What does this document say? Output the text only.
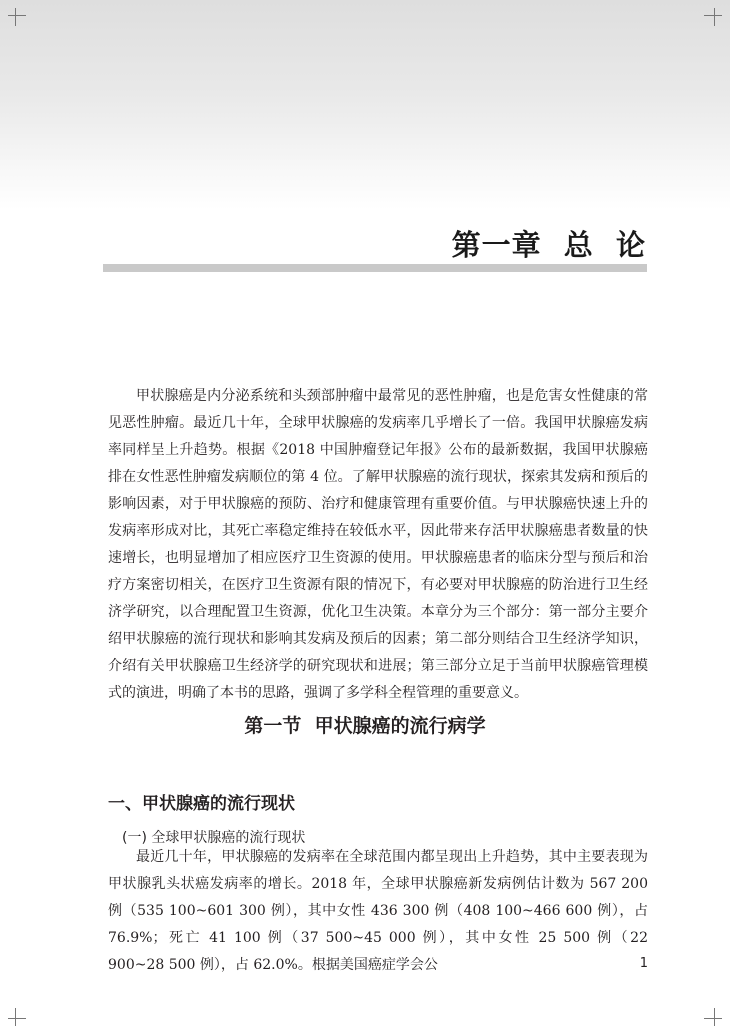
第一章  总  论

甲状腺癌是内分泌系统和头颈部肿瘤中最常见的恶性肿瘤，也是危害女性健康的常见恶性肿瘤。最近几十年，全球甲状腺癌的发病率几乎增长了一倍。我国甲状腺癌发病率同样呈上升趋势。根据《2018 中国肿瘤登记年报》公布的最新数据，我国甲状腺癌排在女性恶性肿瘤发病顺位的第 4 位。了解甲状腺癌的流行现状，探索其发病和预后的影响因素，对于甲状腺癌的预防、治疗和健康管理有重要价值。与甲状腺癌快速上升的发病率形成对比，其死亡率稳定维持在较低水平，因此带来存活甲状腺癌患者数量的快速增长，也明显增加了相应医疗卫生资源的使用。甲状腺癌患者的临床分型与预后和治疗方案密切相关，在医疗卫生资源有限的情况下，有必要对甲状腺癌的防治进行卫生经济学研究，以合理配置卫生资源，优化卫生决策。本章分为三个部分：第一部分主要介绍甲状腺癌的流行现状和影响其发病及预后的因素；第二部分则结合卫生经济学知识，介绍有关甲状腺癌卫生经济学的研究现状和进展；第三部分立足于当前甲状腺癌管理模式的演进，明确了本书的思路，强调了多学科全程管理的重要意义。

第一节  甲状腺癌的流行病学
一、甲状腺癌的流行现状
(一) 全球甲状腺癌的流行现状

最近几十年，甲状腺癌的发病率在全球范围内都呈现出上升趋势，其中主要表现为甲状腺乳头状癌发病率的增长。2018 年，全球甲状腺癌新发病例估计数为 567 200 例（535 100~601 300 例），其中女性 436 300 例（408 100~466 600 例），占 76.9%；死亡 41 100 例（37 500~45 000 例），其中女性 25 500 例（22 900~28 500 例），占 62.0%。根据美国癌症学会公	1
